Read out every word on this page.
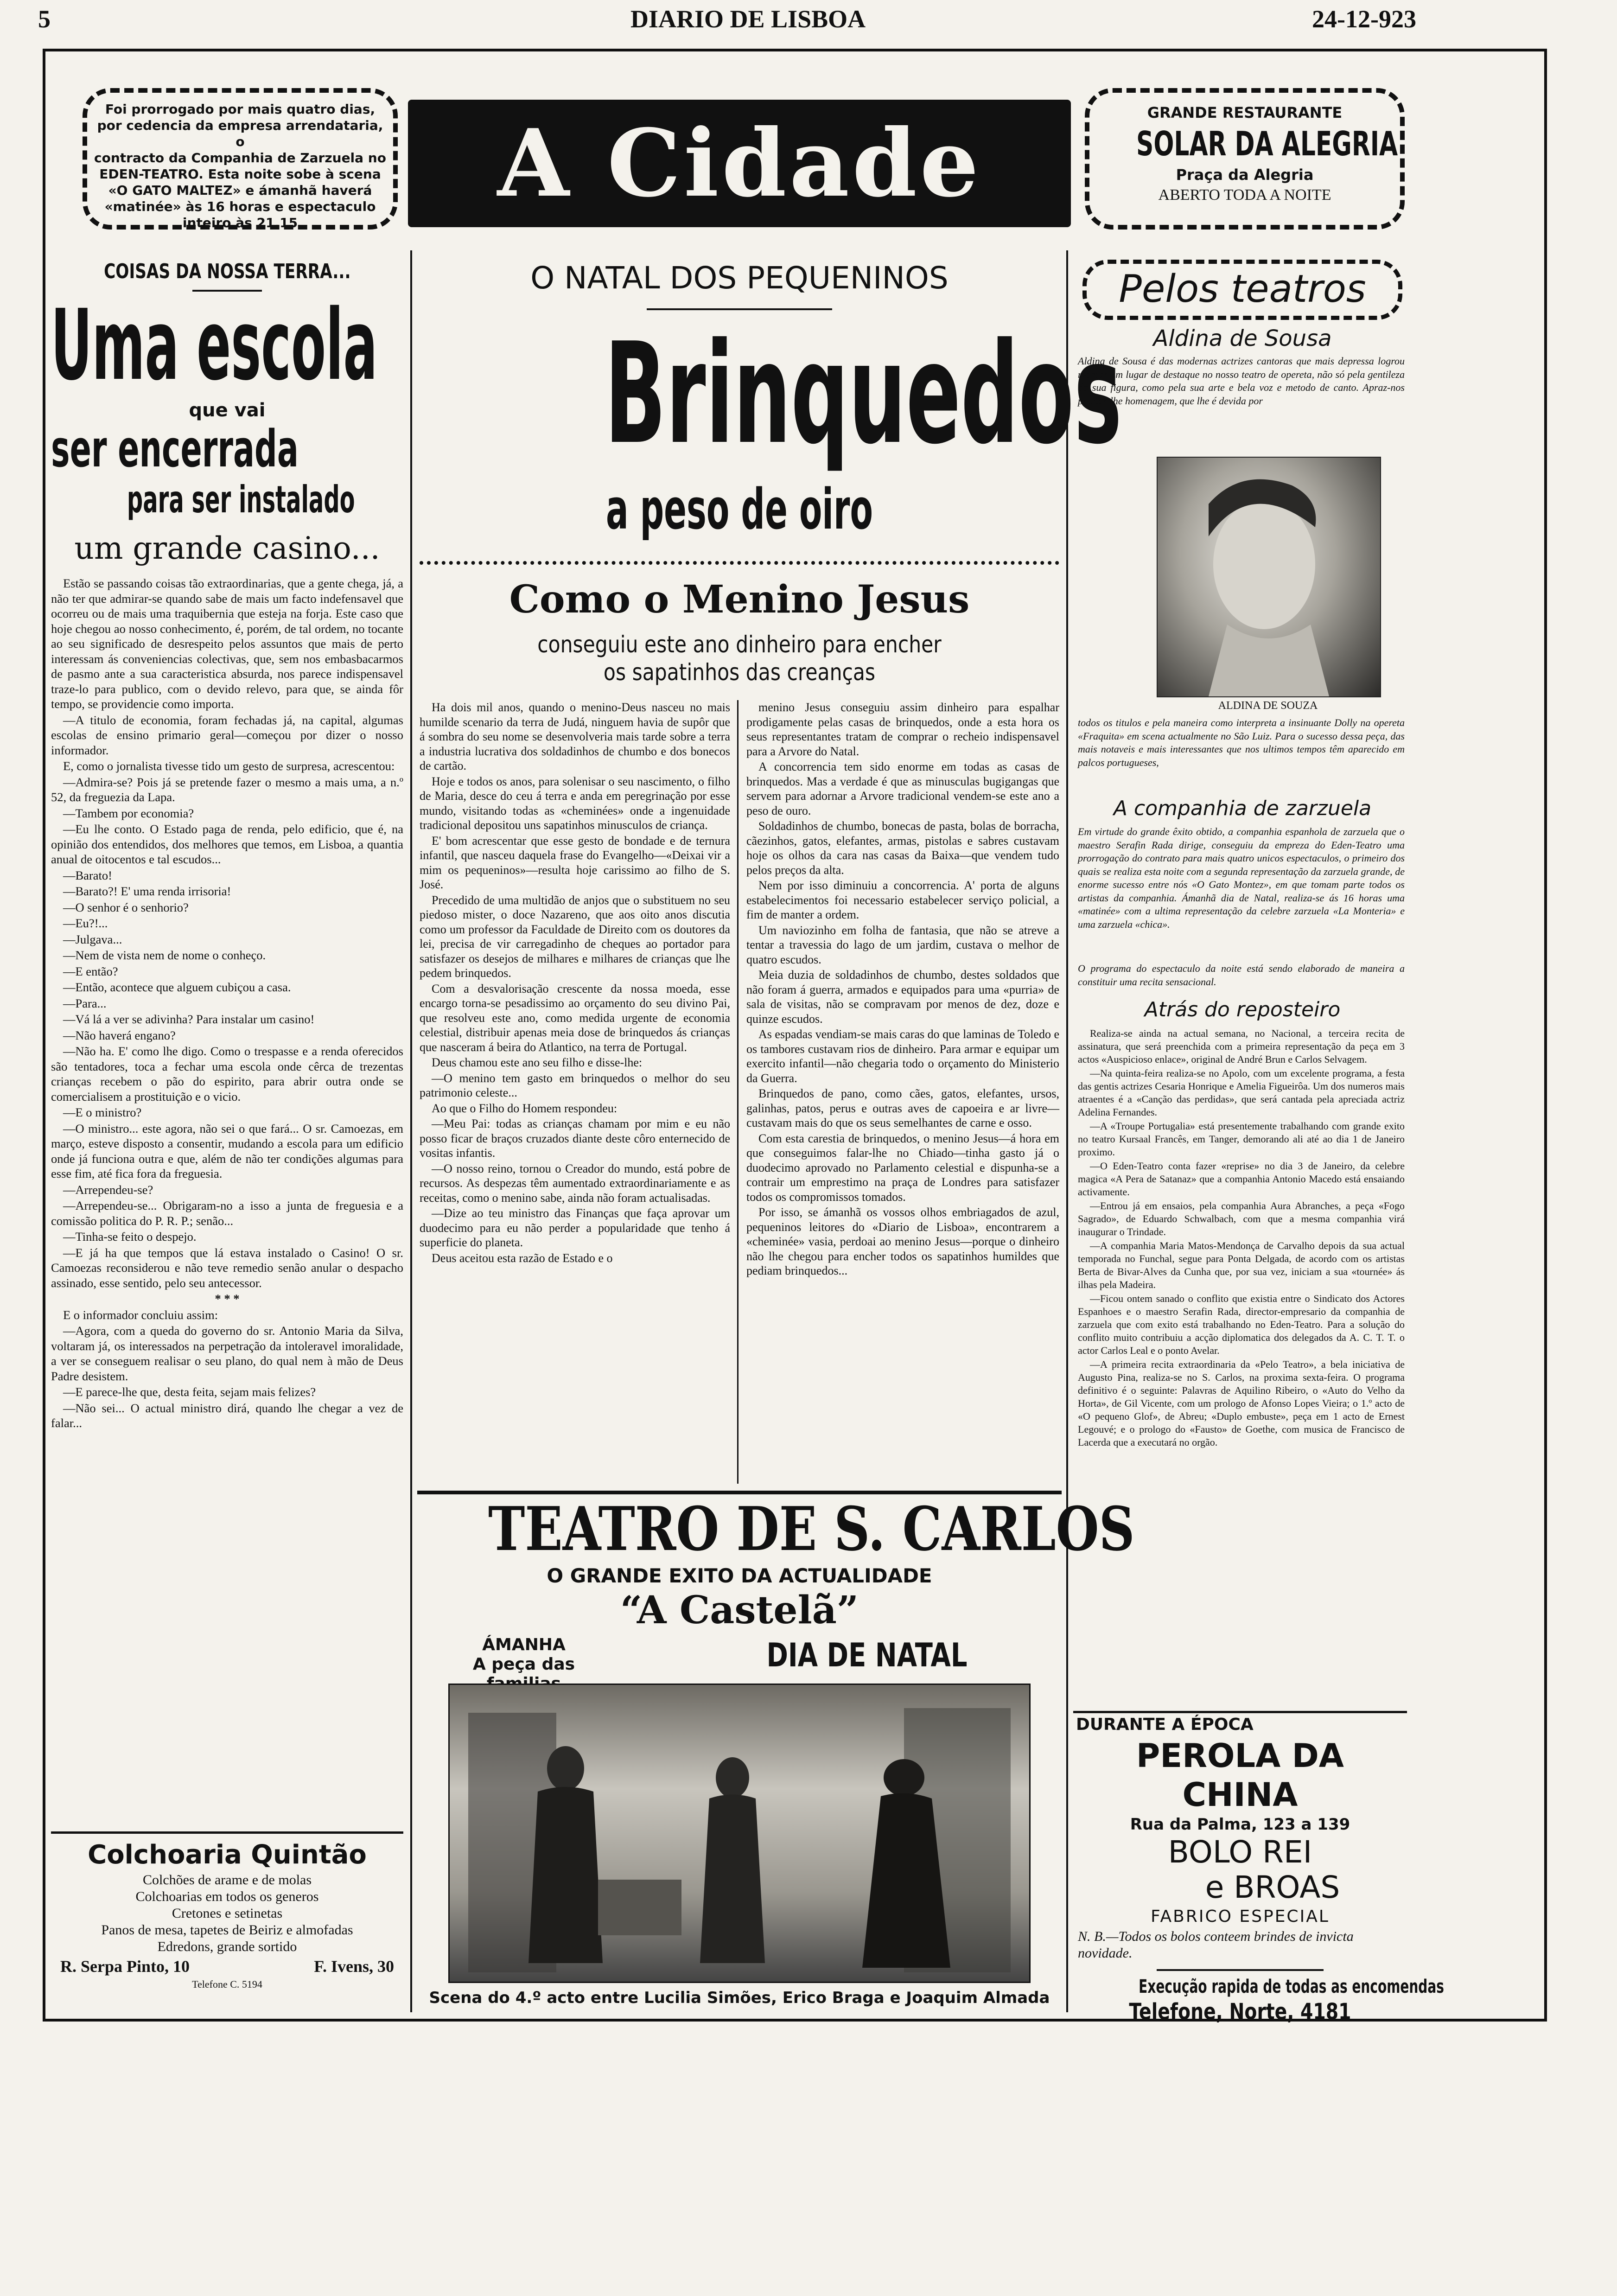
5	DIARIO DE LISBOA	24-12-923
Foi prorrogado por mais quatro dias,
por cedencia da empresa arrendataria, o
contracto da Companhia de Zarzuela no
EDEN-TEATRO. Esta noite sobe à scena
«O GATO MALTEZ» e ámanhã haverá
«matinée» às 16 horas e espectaculo
inteiro às 21,15
A Cidade	GRANDE RESTAURANTE
SOLAR DA ALEGRIA
Praça da Alegria
ABERTO TODA A NOITE
COISAS DA NOSSA TERRA...
Uma escola
que vai
ser encerrada
para ser instalado
um grande casino...

Estão se passando coisas tão extraordinarias, que a gente chega, já, a não ter que admirar-se quando sabe de mais um facto indefensavel que ocorreu ou de mais uma traquibernia que esteja na forja. Este caso que hoje chegou ao nosso conhecimento, é, porém, de tal ordem, no tocante ao seu significado de desrespeito pelos assuntos que mais de perto interessam ás conveniencias colectivas, que, sem nos embasbacarmos de pasmo ante a sua caracteristica absurda, nos parece indispensavel traze-lo para publico, com o devido relevo, para que, se ainda fôr tempo, se providencie como importa.

—A titulo de economia, foram fechadas já, na capital, algumas escolas de ensino primario geral—começou por dizer o nosso informador.

E, como o jornalista tivesse tido um gesto de surpresa, acrescentou:

—Admira-se? Pois já se pretende fazer o mesmo a mais uma, a n.º 52, da freguezia da Lapa.

—Tambem por economia?

—Eu lhe conto. O Estado paga de renda, pelo edificio, que é, na opinião dos entendidos, dos melhores que temos, em Lisboa, a quantia anual de oitocentos e tal escudos...

—Barato!

—Barato?! E' uma renda irrisoria!

—O senhor é o senhorio?

—Eu?!...

—Julgava...

—Nem de vista nem de nome o conheço.

—E então?

—Então, acontece que alguem cubiçou a casa.

—Para...

—Vá lá a ver se adivinha? Para instalar um casino!

—Não haverá engano?

—Não ha. E' como lhe digo. Como o trespasse e a renda oferecidos são tentadores, toca a fechar uma escola onde cêrca de trezentas crianças recebem o pão do espirito, para abrir outra onde se comercialisem a prostituição e o vicio.

—E o ministro?

—O ministro... este agora, não sei o que fará... O sr. Camoezas, em março, esteve disposto a consentir, mudando a escola para um edificio onde já funciona outra e que, além de não ter condições algumas para esse fim, até fica fora da freguesia.

—Arrependeu-se?

—Arrependeu-se... Obrigaram-no a isso a junta de freguesia e a comissão politica do P. R. P.; senão...

—Tinha-se feito o despejo.

—E já ha que tempos que lá estava instalado o Casino! O sr. Camoezas reconsiderou e não teve remedio senão anular o despacho assinado, esse sentido, pelo seu antecessor.

* * *

E o informador concluiu assim:

—Agora, com a queda do governo do sr. Antonio Maria da Silva, voltaram já, os interessados na perpetração da intoleravel imoralidade, a ver se conseguem realisar o seu plano, do qual nem à mão de Deus Padre desistem.

—E parece-lhe que, desta feita, sejam mais felizes?

—Não sei... O actual ministro dirá, quando lhe chegar a vez de falar...

Colchoaria Quintão
Colchões de arame e de molas
Colchoarias em todos os generos
Cretones e setinetas
Panos de mesa, tapetes de Beiriz e almofadas
Edredons, grande sortido
R. Serpa Pinto, 10	F. Ivens, 30
Telefone C. 5194
O NATAL DOS PEQUENINOS
Brinquedos
a peso de oiro
Como o Menino Jesus
conseguiu este ano dinheiro para encher
os sapatinhos das creanças

Ha dois mil anos, quando o menino-Deus nasceu no mais humilde scenario da terra de Judá, ninguem havia de supôr que á sombra do seu nome se desenvolveria mais tarde sobre a terra a industria lucrativa dos soldadinhos de chumbo e dos bonecos de cartão.

Hoje e todos os anos, para solenisar o seu nascimento, o filho de Maria, desce do ceu á terra e anda em peregrinação por esse mundo, visitando todas as «cheminées» onde a ingenuidade tradicional depositou uns sapatinhos minusculos de criança.

E' bom acrescentar que esse gesto de bondade e de ternura infantil, que nasceu daquela frase do Evangelho—«Deixai vir a mim os pequeninos»—resulta hoje carissimo ao filho de S. José.

Precedido de uma multidão de anjos que o substituem no seu piedoso mister, o doce Nazareno, que aos oito anos discutia como um professor da Faculdade de Direito com os doutores da lei, precisa de vir carregadinho de cheques ao portador para satisfazer os desejos de milhares e milhares de crianças que lhe pedem brinquedos.

Com a desvalorisação crescente da nossa moeda, esse encargo torna-se pesadissimo ao orçamento do seu divino Pai, que resolveu este ano, como medida urgente de economia celestial, distribuir apenas meia dose de brinquedos ás crianças que nasceram á beira do Atlantico, na terra de Portugal.

Deus chamou este ano seu filho e disse-lhe:

—O menino tem gasto em brinquedos o melhor do seu patrimonio celeste...

Ao que o Filho do Homem respondeu:

—Meu Pai: todas as crianças chamam por mim e eu não posso ficar de braços cruzados diante deste côro enternecido de vositas infantis.

—O nosso reino, tornou o Creador do mundo, está pobre de recursos. As despezas têm aumentado extraordinariamente e as receitas, como o menino sabe, ainda não foram actualisadas.

—Dize ao teu ministro das Finanças que faça aprovar um duodecimo para eu não perder a popularidade que tenho á superficie do planeta.

Deus aceitou esta razão de Estado e o

menino Jesus conseguiu assim dinheiro para espalhar prodigamente pelas casas de brinquedos, onde a esta hora os seus representantes tratam de comprar o recheio indispensavel para a Arvore do Natal.

A concorrencia tem sido enorme em todas as casas de brinquedos. Mas a verdade é que as minusculas bugigangas que servem para adornar a Arvore tradicional vendem-se este ano a peso de ouro.

Soldadinhos de chumbo, bonecas de pasta, bolas de borracha, cãezinhos, gatos, elefantes, armas, pistolas e sabres custavam hoje os olhos da cara nas casas da Baixa—que vendem tudo pelos preços da alta.

Nem por isso diminuiu a concorrencia. A' porta de alguns estabelecimentos foi necessario estabelecer serviço policial, a fim de manter a ordem.

Um naviozinho em folha de fantasia, que não se atreve a tentar a travessia do lago de um jardim, custava o melhor de quatro escudos.

Meia duzia de soldadinhos de chumbo, destes soldados que não foram á guerra, armados e equipados para uma «purria» de sala de visitas, não se compravam por menos de dez, doze e quinze escudos.

As espadas vendiam-se mais caras do que laminas de Toledo e os tambores custavam rios de dinheiro. Para armar e equipar um exercito infantil—não chegaria todo o orçamento do Ministerio da Guerra.

Brinquedos de pano, como cães, gatos, elefantes, ursos, galinhas, patos, perus e outras aves de capoeira e ar livre—custavam mais do que os seus semelhantes de carne e osso.

Com esta carestia de brinquedos, o menino Jesus—á hora em que conseguimos falar-lhe no Chiado—tinha gasto já o duodecimo aprovado no Parlamento celestial e dispunha-se a contrair um emprestimo na praça de Londres para satisfazer todos os compromissos tomados.

Por isso, se ámanhã os vossos olhos embriagados de azul, pequeninos leitores do «Diario de Lisboa», encontrarem a «cheminée» vasia, perdoai ao menino Jesus—porque o dinheiro não lhe chegou para encher todos os sapatinhos humildes que pediam brinquedos...

TEATRO DE S. CARLOS
O GRANDE EXITO DA ACTUALIDADE
“A Castelã”
ÁMANHA
A peça das	DIA DE NATAL
Scena do 4.º acto entre Lucilia Simões, Erico Braga e Joaquim Almada
Pelos teatros
Aldina de Sousa
Aldina de Sousa é das modernas actrizes cantoras que mais depressa logrou marcar um lugar de destaque no nosso teatro de opereta, não só pela gentileza da sua figura, como pela sua arte e bela voz e metodo de canto. Apraz-nos prestar-lhe homenagem, que lhe é devida por
ALDINA DE SOUZA
todos os titulos e pela maneira como interpreta a insinuante Dolly na opereta «Fraquita» em scena actualmente no São Luiz. Para o sucesso dessa peça, das mais notaveis e mais interessantes que nos ultimos tempos têm aparecido em palcos portugueses,
A companhia de zarzuela
Em virtude do grande êxito obtido, a companhia espanhola de zarzuela que o maestro Serafin Rada dirige, conseguiu da empreza do Eden-Teatro uma prorrogação do contrato para mais quatro unicos espectaculos, o primeiro dos quais se realiza esta noite com a segunda representação da zarzuela grande, de enorme sucesso entre nós «O Gato Montez», em que tomam parte todos os artistas da companhia. Ámanhã dia de Natal, realiza-se ás 16 horas uma «matinée» com a ultima representação da celebre zarzuela «La Monteria» e uma zarzuela «chica».
O programa do espectaculo da noite está sendo elaborado de maneira a constituir uma recita sensacional.
Atrás do reposteiro

Realiza-se ainda na actual semana, no Nacional, a terceira recita de assinatura, que será preenchida com a primeira representação da peça em 3 actos «Auspicioso enlace», original de André Brun e Carlos Selvagem.

—Na quinta-feira realiza-se no Apolo, com um excelente programa, a festa das gentis actrizes Cesaria Honrique e Amelia Figueirôa. Um dos numeros mais atraentes é a «Canção das perdidas», que será cantada pela apreciada actriz Adelina Fernandes.

—A «Troupe Portugalia» está presentemente trabalhando com grande exito no teatro Kursaal Francês, em Tanger, demorando ali até ao dia 1 de Janeiro proximo.

—O Eden-Teatro conta fazer «reprise» no dia 3 de Janeiro, da celebre magica «A Pera de Satanaz» que a companhia Antonio Macedo está ensaiando activamente.

—Entrou já em ensaios, pela companhia Aura Abranches, a peça «Fogo Sagrado», de Eduardo Schwalbach, com que a mesma companhia virá inaugurar o Trindade.

—A companhia Maria Matos-Mendonça de Carvalho depois da sua actual temporada no Funchal, segue para Ponta Delgada, de acordo com os artistas Berta de Bivar-Alves da Cunha que, por sua vez, iniciam a sua «tournée» ás ilhas pela Madeira.

—Ficou ontem sanado o conflito que existia entre o Sindicato dos Actores Espanhoes e o maestro Serafin Rada, director-empresario da companhia de zarzuela que com exito está trabalhando no Eden-Teatro. Para a solução do conflito muito contribuiu a acção diplomatica dos delegados da A. C. T. T. o actor Carlos Leal e o ponto Avelar.

—A primeira recita extraordinaria da «Pelo Teatro», a bela iniciativa de Augusto Pina, realiza-se no S. Carlos, na proxima sexta-feira. O programa definitivo é o seguinte: Palavras de Aquilino Ribeiro, o «Auto do Velho da Horta», de Gil Vicente, com um prologo de Afonso Lopes Vieira; o 1.º acto de «O pequeno Glof», de Abreu; «Duplo embuste», peça em 1 acto de Ernest Legouvé; e o prologo do «Fausto» de Goethe, com musica de Francisco de Lacerda que a executará no orgão.

DURANTE A ÉPOCA
PEROLA DA CHINA
Rua da Palma, 123 a 139
BOLO REI
e BROAS
FABRICO ESPECIAL
N. B.—Todos os bolos conteem brindes de invicta novidade.
Execução rapida de todas as encomendas
Telefone, Norte, 4181
